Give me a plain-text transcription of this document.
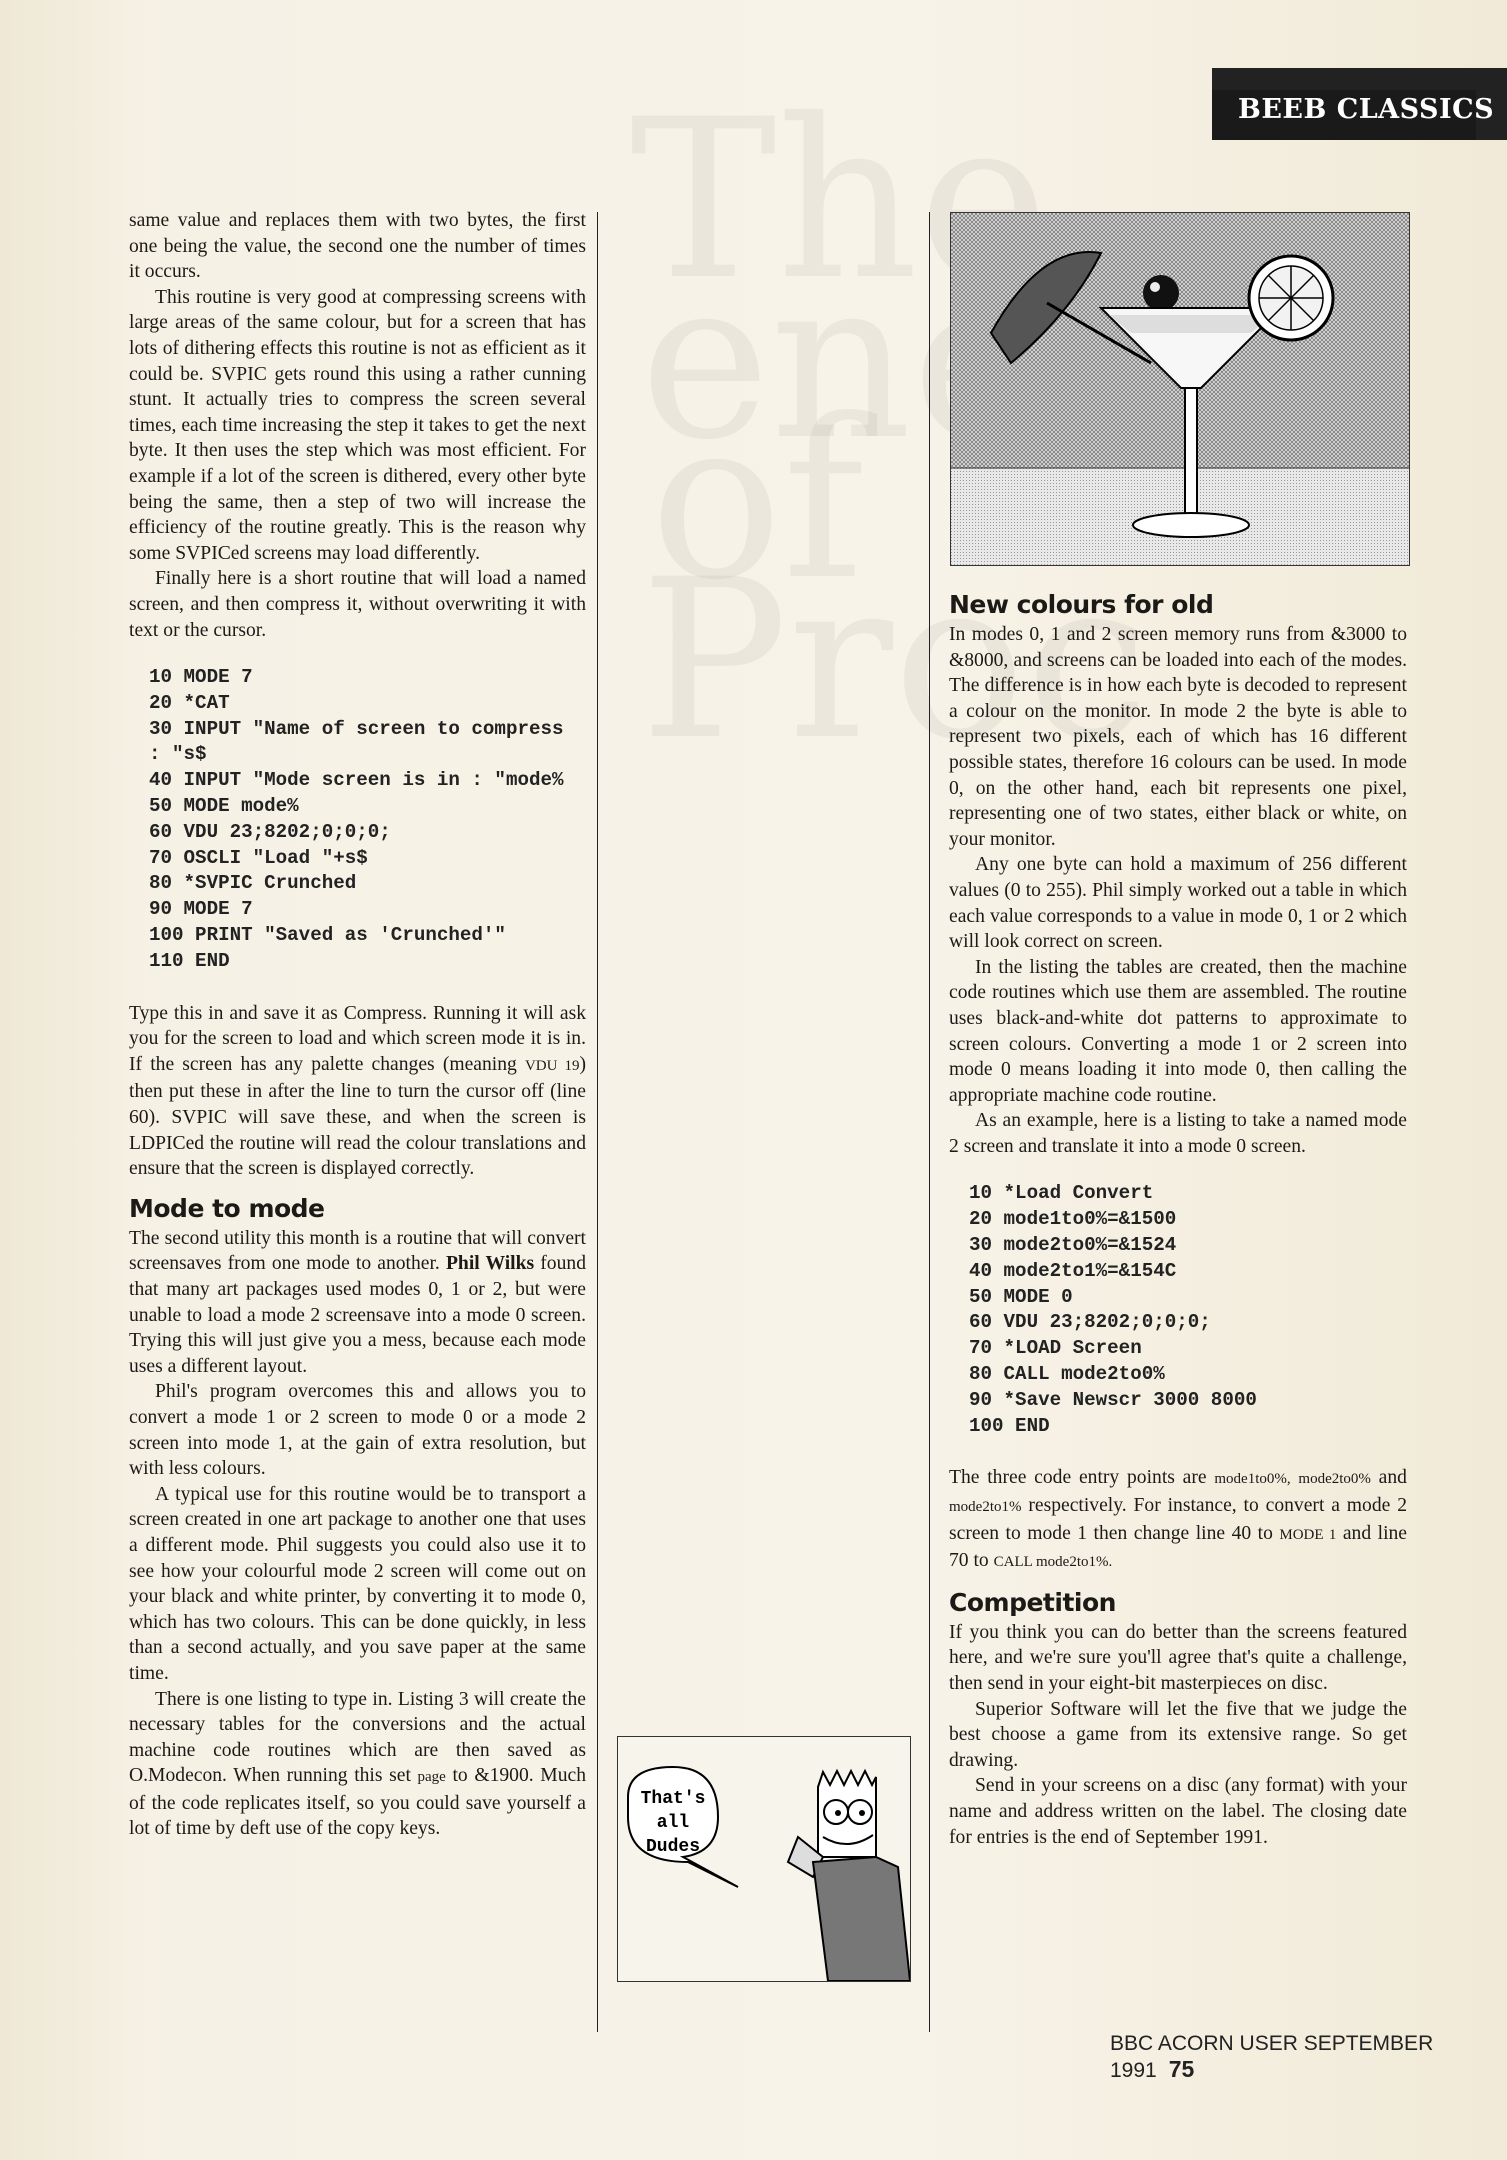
BEEB CLASSICS

same value and replaces them with two bytes, the first one being the value, the second one the number of times it occurs.

This routine is very good at compressing screens with large areas of the same colour, but for a screen that has lots of dithering effects this routine is not as efficient as it could be. SVPIC gets round this using a rather cunning stunt. It actually tries to compress the screen several times, each time increasing the step it takes to get the next byte. It then uses the step which was most efficient. For example if a lot of the screen is dithered, every other byte being the same, then a step of two will increase the efficiency of the routine greatly. This is the reason why some SVPICed screens may load differently.

Finally here is a short routine that will load a named screen, and then compress it, without overwriting it with text or the cursor.

10 MODE 7
20 *CAT
30 INPUT "Name of screen to compress : "s$
40 INPUT "Mode screen is in : "mode%
50 MODE mode%
60 VDU 23;8202;0;0;0;
70 OSCLI "Load "+s$
80 *SVPIC Crunched
90 MODE 7
100 PRINT "Saved as 'Crunched'"
110 END

Type this in and save it as Compress. Running it will ask you for the screen to load and which screen mode it is in. If the screen has any palette changes (meaning VDU 19) then put these in after the line to turn the cursor off (line 60). SVPIC will save these, and when the screen is LDPICed the routine will read the colour translations and ensure that the screen is displayed correctly.

Mode to mode

The second utility this month is a routine that will convert screensaves from one mode to another. Phil Wilks found that many art packages used modes 0, 1 or 2, but were unable to load a mode 2 screensave into a mode 0 screen. Trying this will just give you a mess, because each mode uses a different layout.

Phil's program overcomes this and allows you to convert a mode 1 or 2 screen to mode 0 or a mode 2 screen into mode 1, at the gain of extra resolution, but with less colours.

A typical use for this routine would be to transport a screen created in one art package to another one that uses a different mode. Phil suggests you could also use it to see how your colourful mode 2 screen will come out on your black and white printer, by converting it to mode 0, which has two colours. This can be done quickly, in less than a second actually, and you save paper at the same time.

There is one listing to type in. Listing 3 will create the necessary tables for the conversions and the actual machine code routines which are then saved as O.Modecon. When running this set page to &1900. Much of the code replicates itself, so you could save yourself a lot of time by deft use of the copy keys.

That's
all
Dudes
New colours for old

In modes 0, 1 and 2 screen memory runs from &3000 to &8000, and screens can be loaded into each of the modes. The difference is in how each byte is decoded to represent a colour on the monitor. In mode 2 the byte is able to represent two pixels, each of which has 16 different possible states, therefore 16 colours can be used. In mode 0, on the other hand, each bit represents one pixel, representing one of two states, either black or white, on your monitor.

Any one byte can hold a maximum of 256 different values (0 to 255). Phil simply worked out a table in which each value corresponds to a value in mode 0, 1 or 2 which will look correct on screen.

In the listing the tables are created, then the machine code routines which use them are assembled. The routine uses black-and-white dot patterns to approximate to screen colours. Converting a mode 1 or 2 screen into mode 0 means loading it into mode 0, then calling the appropriate machine code routine.

As an example, here is a listing to take a named mode 2 screen and translate it into a mode 0 screen.

10 *Load Convert
20 mode1to0%=&1500
30 mode2to0%=&1524
40 mode2to1%=&154C
50 MODE 0
60 VDU 23;8202;0;0;0;
70 *LOAD Screen
80 CALL mode2to0%
90 *Save Newscr 3000 8000
100 END

The three code entry points are mode1to0%, mode2to0% and mode2to1% respectively. For instance, to convert a mode 2 screen to mode 1 then change line 40 to MODE 1 and line 70 to CALL mode2to1%.

Competition

If you think you can do better than the screens featured here, and we're sure you'll agree that's quite a challenge, then send in your eight-bit masterpieces on disc.

Superior Software will let the five that we judge the best choose a game from its extensive range. So get drawing.

Send in your screens on a disc (any format) with your name and address written on the label. The closing date for entries is the end of September 1991.

BBC ACORN USER SEPTEMBER 1991 75
